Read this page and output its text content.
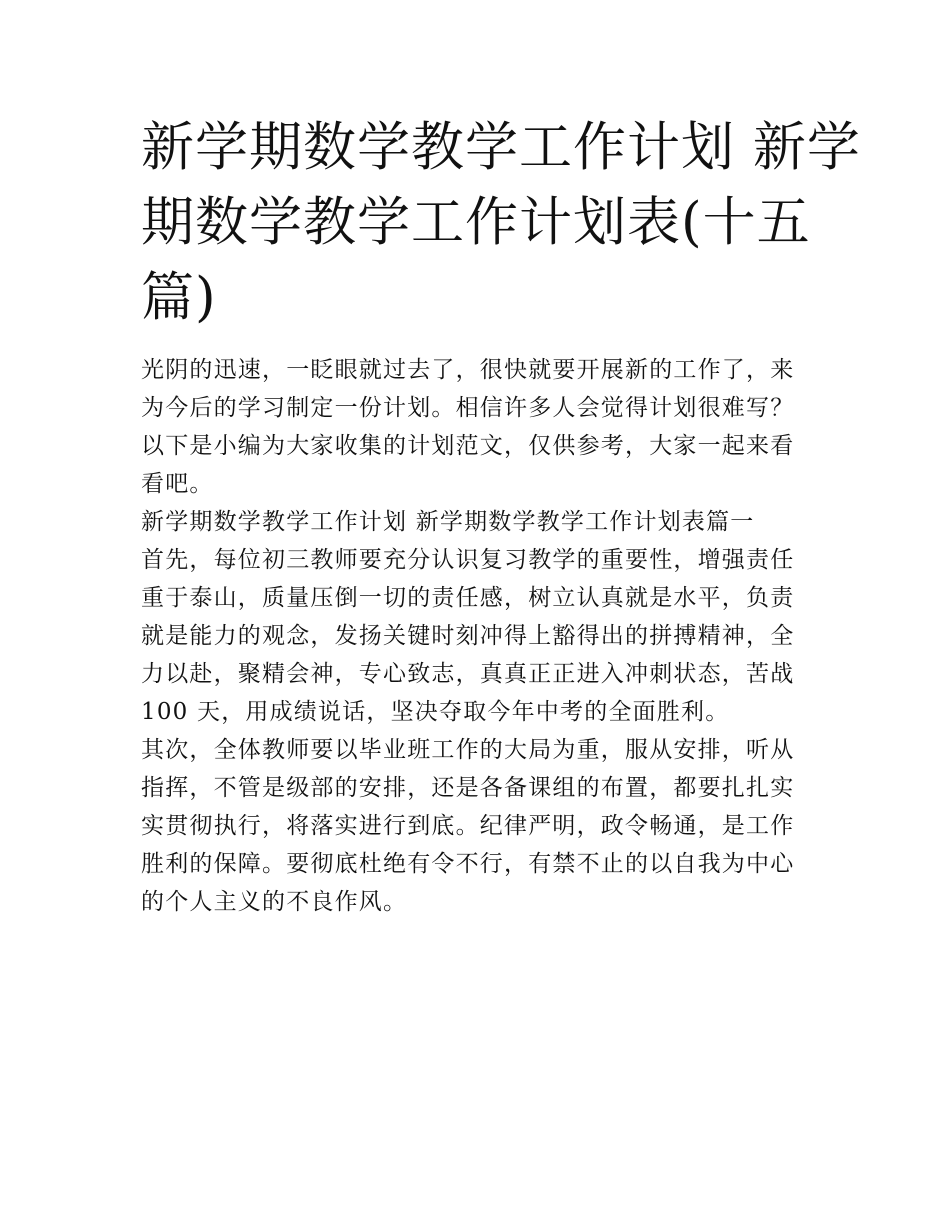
新学期数学教学工作计划 新学
期数学教学工作计划表(十五
篇)

光阴的迅速，一眨眼就过去了，很快就要开展新的工作了，来
为今后的学习制定一份计划。相信许多人会觉得计划很难写？
以下是小编为大家收集的计划范文，仅供参考，大家一起来看
看吧。

新学期数学教学工作计划 新学期数学教学工作计划表篇一

首先，每位初三教师要充分认识复习教学的重要性，增强责任
重于泰山，质量压倒一切的责任感，树立认真就是水平，负责
就是能力的观念，发扬关键时刻冲得上豁得出的拼搏精神，全
力以赴，聚精会神，专心致志，真真正正进入冲刺状态，苦战
100 天，用成绩说话，坚决夺取今年中考的全面胜利。

其次，全体教师要以毕业班工作的大局为重，服从安排，听从
指挥，不管是级部的安排，还是各备课组的布置，都要扎扎实
实贯彻执行，将落实进行到底。纪律严明，政令畅通，是工作
胜利的保障。要彻底杜绝有令不行，有禁不止的以自我为中心
的个人主义的不良作风。
